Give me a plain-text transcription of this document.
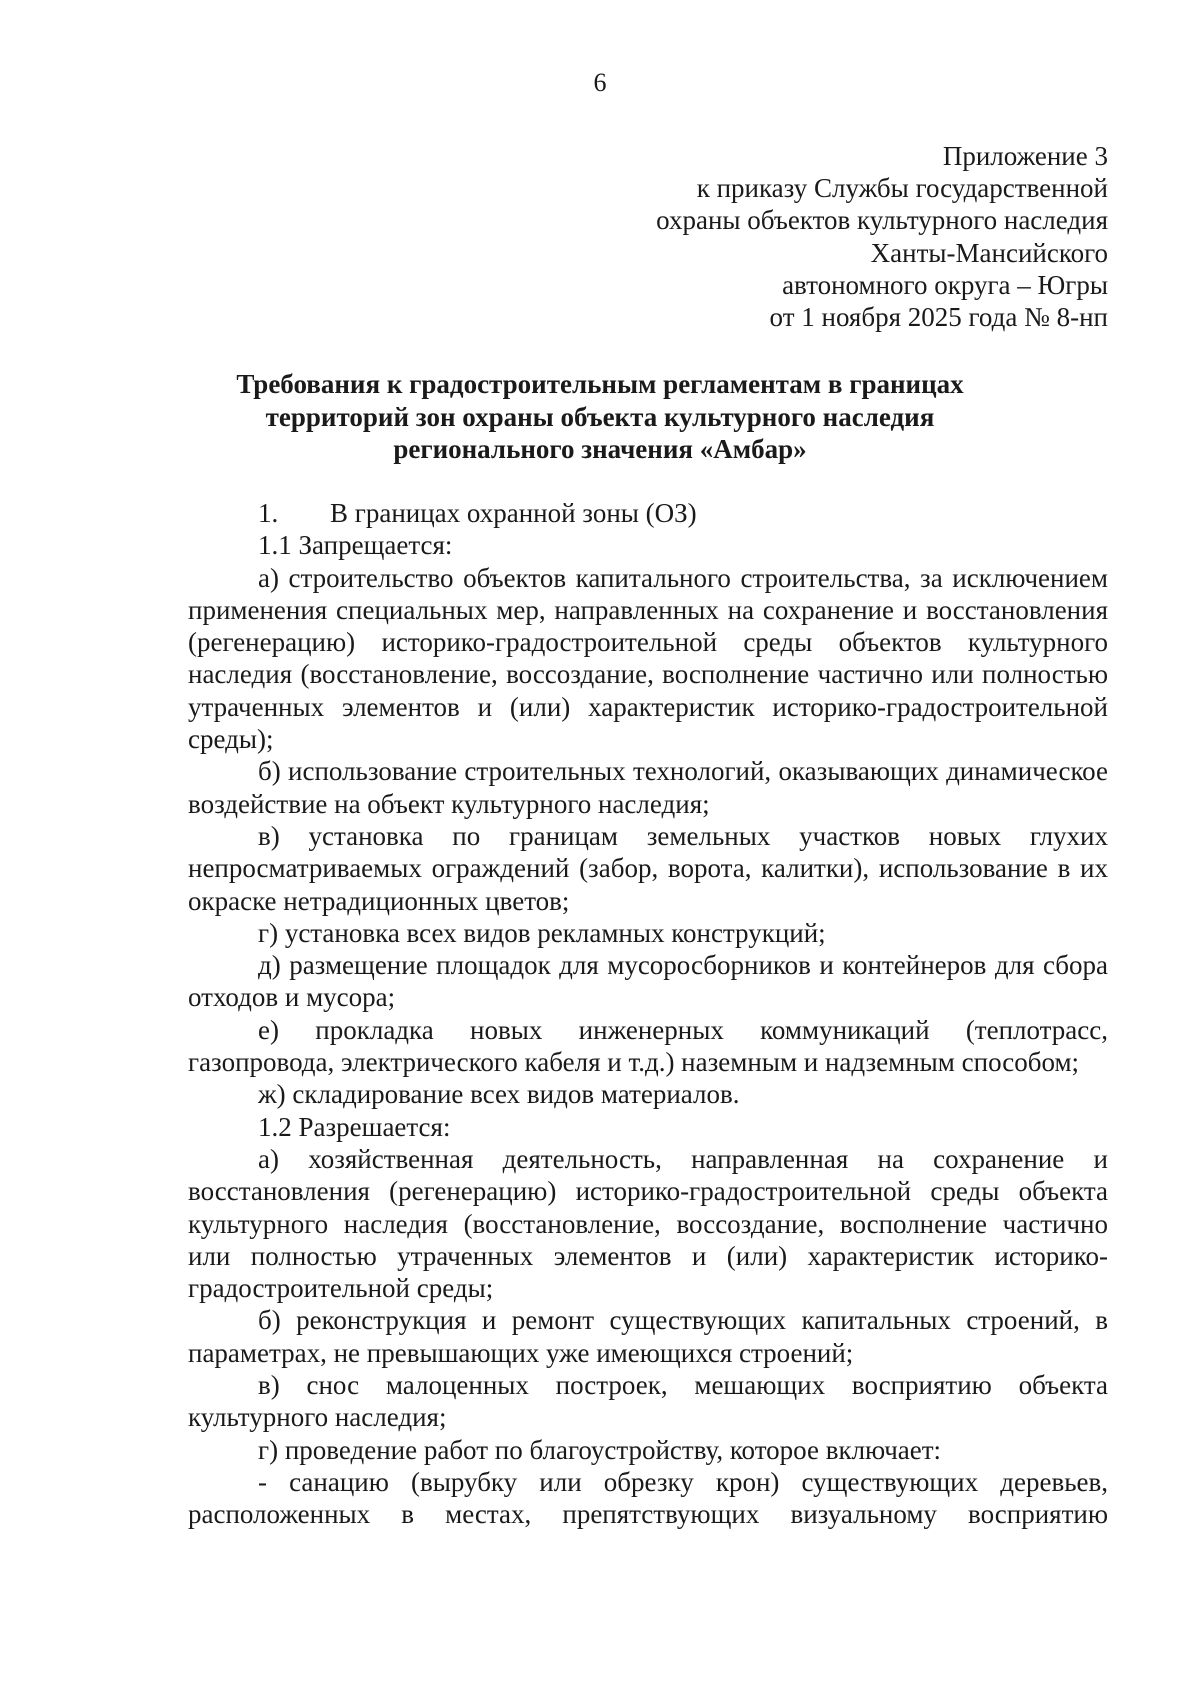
6
Приложение 3
к приказу Службы государственной
охраны объектов культурного наследия
Ханты-Мансийского
автономного округа – Югры
от 1 ноября 2025 года № 8-нп
Требования к градостроительным регламентам в границах
территорий зон охраны объекта культурного наследия
регионального значения «Амбар»
1. В границах охранной зоны (ОЗ)

1.1 Запрещается:

а) строительство объектов капитального строительства, за исключением применения специальных мер, направленных на сохранение и восстановления (регенерацию) историко-градостроительной среды объектов культурного наследия (восстановление, воссоздание, восполнение частично или полностью утраченных элементов и (или) характеристик историко-градостроительной среды);

б) использование строительных технологий, оказывающих динамическое воздействие на объект культурного наследия;

в) установка по границам земельных участков новых глухих непросматриваемых ограждений (забор, ворота, калитки), использование в их окраске нетрадиционных цветов;

г) установка всех видов рекламных конструкций;

д) размещение площадок для мусоросборников и контейнеров для сбора отходов и мусора;

е) прокладка новых инженерных коммуникаций (теплотрасс, газопровода, электрического кабеля и т.д.) наземным и надземным способом;

ж) складирование всех видов материалов.

1.2 Разрешается:

а) хозяйственная деятельность, направленная на сохранение и восстановления (регенерацию) историко-градостроительной среды объекта культурного наследия (восстановление, воссоздание, восполнение частично или полностью утраченных элементов и (или) характеристик историко-градостроительной среды;

б) реконструкция и ремонт существующих капитальных строений, в параметрах, не превышающих уже имеющихся строений;

в) снос малоценных построек, мешающих восприятию объекта культурного наследия;

г) проведение работ по благоустройству, которое включает:

- санацию (вырубку или обрезку крон) существующих деревьев, расположенных в местах, препятствующих визуальному восприятию
